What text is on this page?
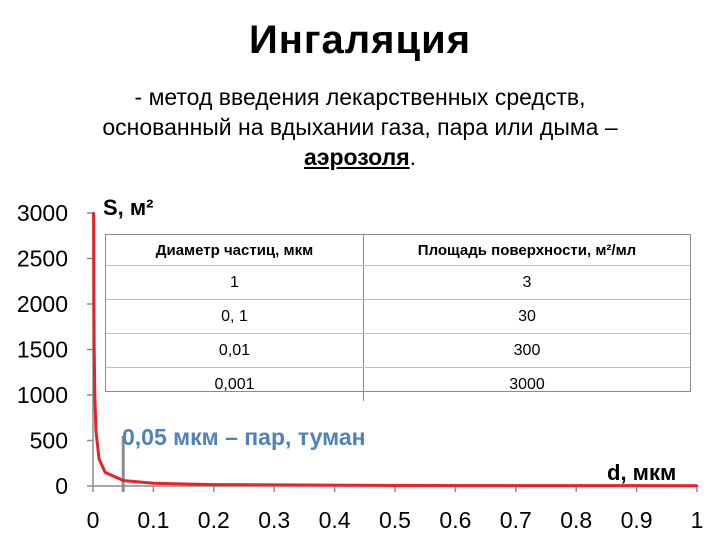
Ингаляция
- метод введения лекарственных средств,
основанный на вдыхании газа, пара или дыма –
аэрозоля.
0
500
1000
1500
2000
2500
3000
0 0.1 0.2 0.3 0.4 0.5 0.6 0.7 0.8 0.9 1
S, м²
Диаметр частиц, мкм	Площадь поверхности, м²/мл
1	3
0, 1	30
0,01	300
0,001	3000
0,05 мкм – пар, туман
d, мкм
